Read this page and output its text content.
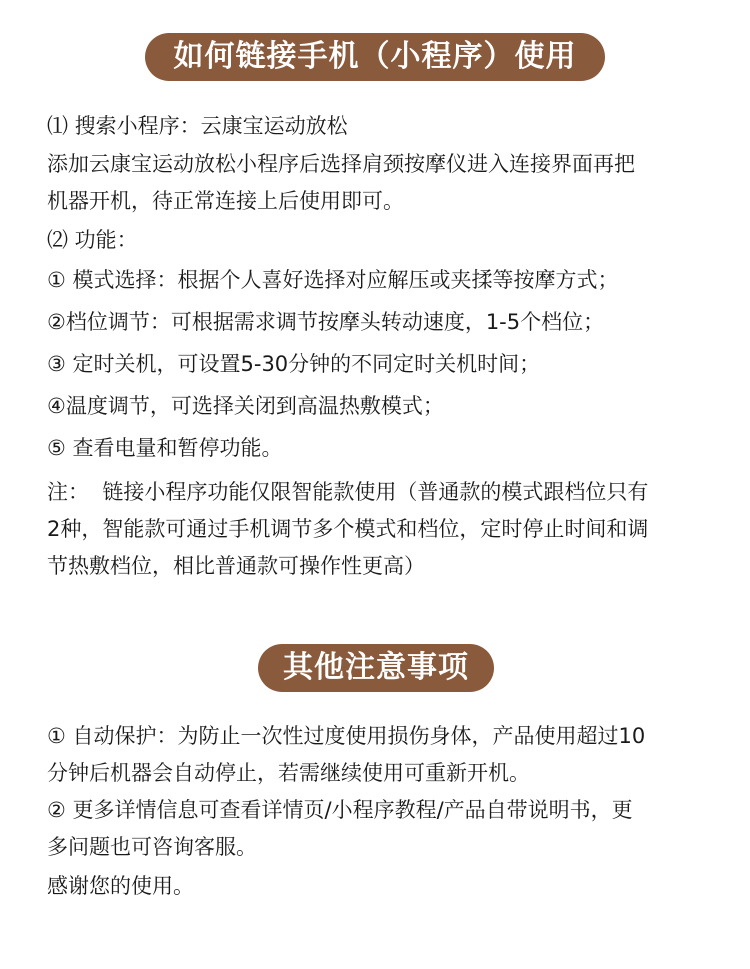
如何链接手机（小程序）使用

⑴ 搜索小程序：云康宝运动放松

添加云康宝运动放松小程序后选择肩颈按摩仪进入连接界面再把
机器开机，待正常连接上后使用即可。

⑵ 功能：

① 模式选择：根据个人喜好选择对应解压或夹揉等按摩方式；

②档位调节：可根据需求调节按摩头转动速度，1-5个档位；

③ 定时关机，可设置5-30分钟的不同定时关机时间；

④温度调节，可选择关闭到高温热敷模式；

⑤ 查看电量和暂停功能。

注：  链接小程序功能仅限智能款使用（普通款的模式跟档位只有
2种，智能款可通过手机调节多个模式和档位，定时停止时间和调
节热敷档位，相比普通款可操作性更高）

其他注意事项

① 自动保护：为防止一次性过度使用损伤身体，产品使用超过10
分钟后机器会自动停止，若需继续使用可重新开机。

② 更多详情信息可查看详情页/小程序教程/产品自带说明书，更
多问题也可咨询客服。

感谢您的使用。
